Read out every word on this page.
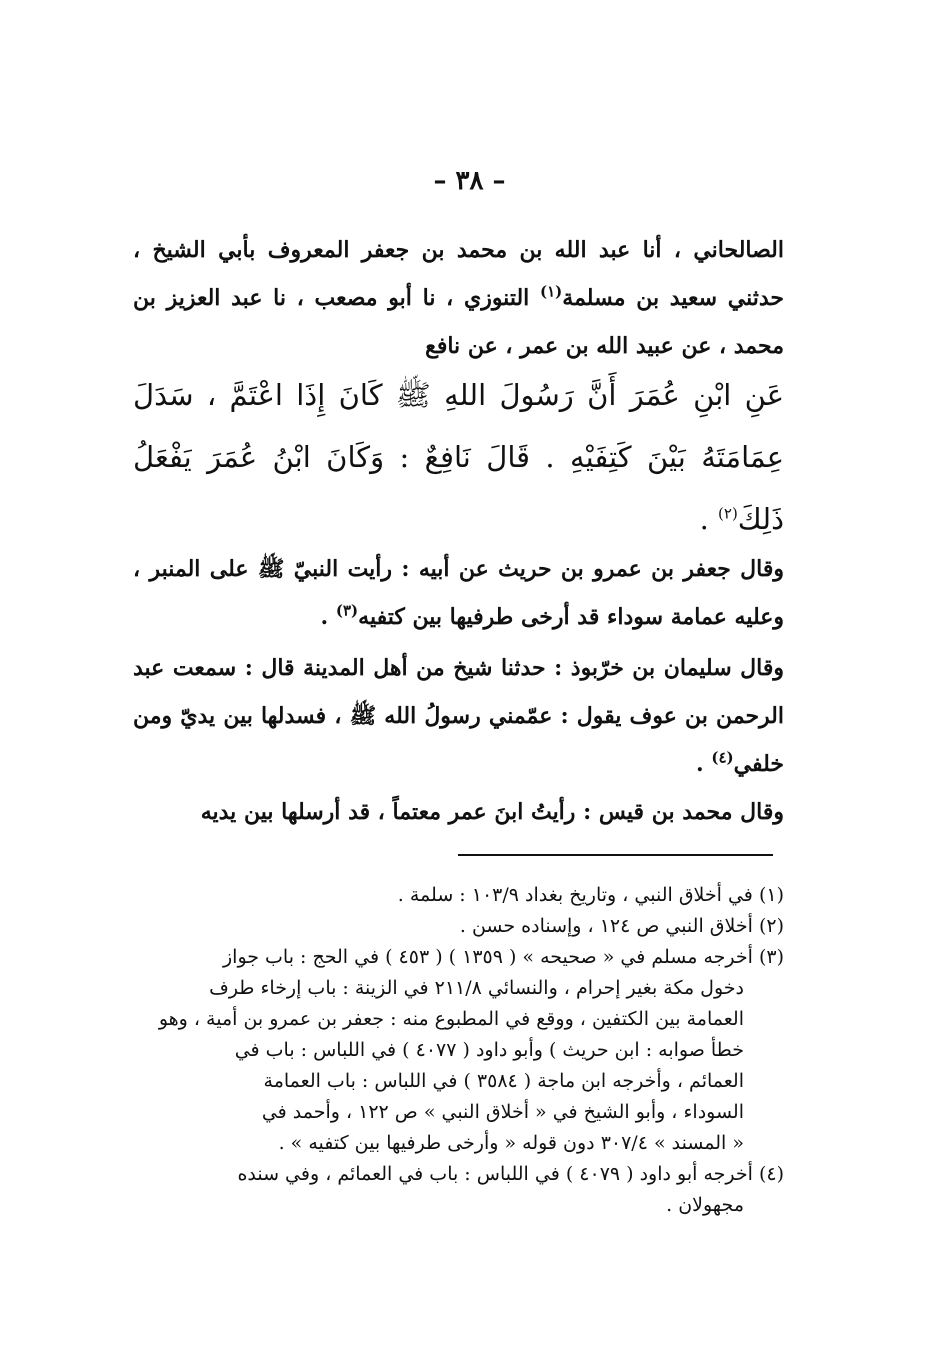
– ٣٨ –
الصالحاني ، أنا عبد الله بن محمد بن جعفر المعروف بأبي الشيخ ، حدثني سعيد بن مسلمة$^{(١)}$ التنوزي ، نا أبو مصعب ، نا عبد العزيز بن محمد ، عن عبيد الله بن عمر ، عن نافع
عَنِ ابْنِ عُمَرَ أَنَّ رَسُولَ اللهِ ﷺ كَانَ إِذَا اعْتَمَّ ، سَدَلَ عِمَامَتَهُ بَيْنَ كَتِفَيْهِ . قَالَ نَافِعٌ : وَكَانَ ابْنُ عُمَرَ يَفْعَلُ ذَلِكَ$^{(٢)}$ .
وقال جعفر بن عمرو بن حريث عن أبيه : رأيت النبيّ ﷺ على المنبر ، وعليه عمامة سوداء قد أرخى طرفيها بين كتفيه$^{(٣)}$ .
وقال سليمان بن خرّبوذ : حدثنا شيخ من أهل المدينة قال : سمعت عبد الرحمن بن عوف يقول : عمّمني رسولُ الله ﷺ ، فسدلها بين يديّ ومن خلفي$^{(٤)}$ .
وقال محمد بن قيس : رأيتُ ابنَ عمر معتماً ، قد أرسلها بين يديه

(١) في أخلاق النبي ، وتاريخ بغداد ١٠٣/٩ : سلمة .

(٢) أخلاق النبي ص ١٢٤ ، وإسناده حسن .

(٣) أخرجه مسلم في « صحيحه » ( ١٣٥٩ ) ( ٤٥٣ ) في الحج : باب جواز

دخول مكة بغير إحرام ، والنسائي ٢١١/٨ في الزينة : باب إرخاء طرف

العمامة بين الكتفين ، ووقع في المطبوع منه : جعفر بن عمرو بن أمية ، وهو

خطأ صوابه : ابن حريث ) وأبو داود ( ٤٠٧٧ ) في اللباس : باب في

العمائم ، وأخرجه ابن ماجة ( ٣٥٨٤ ) في اللباس : باب العمامة

السوداء ، وأبو الشيخ في « أخلاق النبي » ص ١٢٢ ، وأحمد في

« المسند » ٣٠٧/٤ دون قوله « وأرخى طرفيها بين كتفيه » .

(٤) أخرجه أبو داود ( ٤٠٧٩ ) في اللباس : باب في العمائم ، وفي سنده

مجهولان .
